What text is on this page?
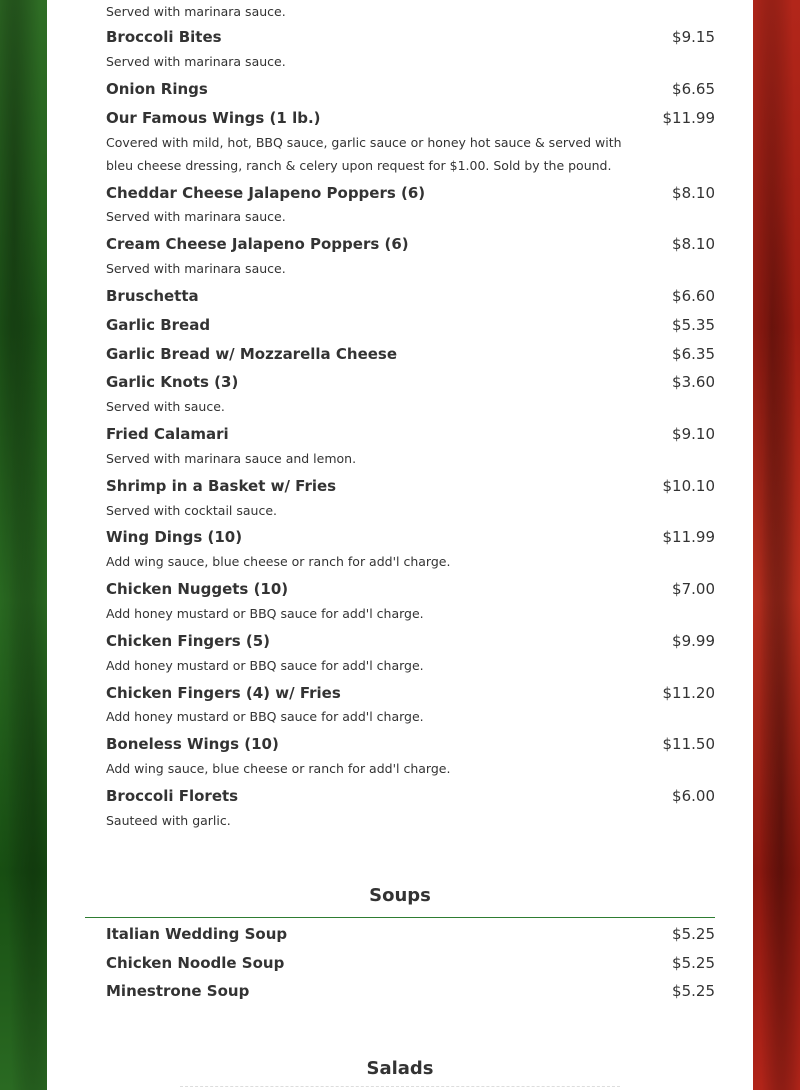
Served with marinara sauce.
Broccoli Bites	$9.15
Served with marinara sauce.
Onion Rings	$6.65
Our Famous Wings (1 lb.)	$11.99
Covered with mild, hot, BBQ sauce, garlic sauce or honey hot sauce & served with bleu cheese dressing, ranch & celery upon request for $1.00. Sold by the pound.
Cheddar Cheese Jalapeno Poppers (6)	$8.10
Served with marinara sauce.
Cream Cheese Jalapeno Poppers (6)	$8.10
Served with marinara sauce.
Bruschetta	$6.60
Garlic Bread	$5.35
Garlic Bread w/ Mozzarella Cheese	$6.35
Garlic Knots (3)	$3.60
Served with sauce.
Fried Calamari	$9.10
Served with marinara sauce and lemon.
Shrimp in a Basket w/ Fries	$10.10
Served with cocktail sauce.
Wing Dings (10)	$11.99
Add wing sauce, blue cheese or ranch for add'l charge.
Chicken Nuggets (10)	$7.00
Add honey mustard or BBQ sauce for add'l charge.
Chicken Fingers (5)	$9.99
Add honey mustard or BBQ sauce for add'l charge.
Chicken Fingers (4) w/ Fries	$11.20
Add honey mustard or BBQ sauce for add'l charge.
Boneless Wings (10)	$11.50
Add wing sauce, blue cheese or ranch for add'l charge.
Broccoli Florets	$6.00
Sauteed with garlic.
Soups
Italian Wedding Soup	$5.25
Chicken Noodle Soup	$5.25
Minestrone Soup	$5.25
Salads
